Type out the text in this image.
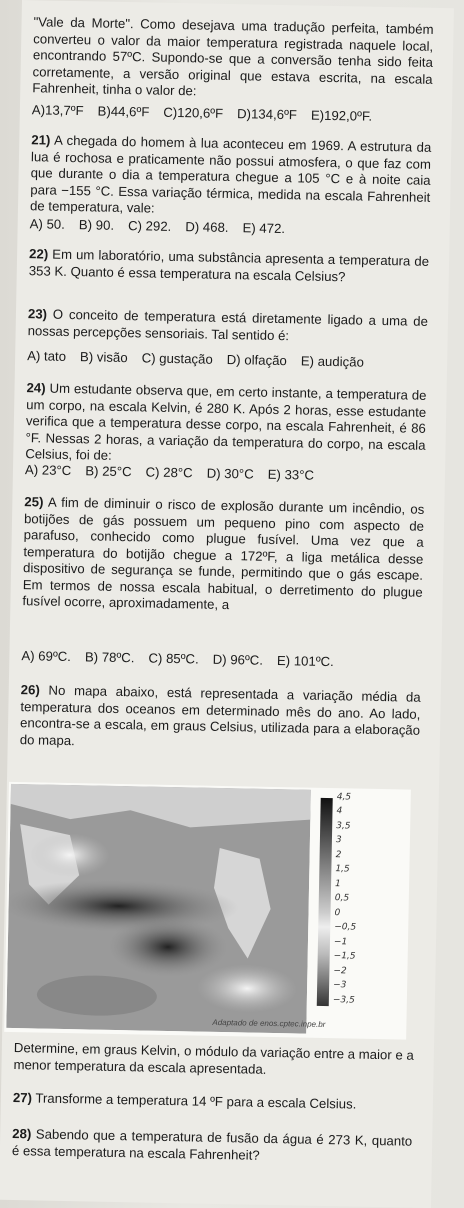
"Vale da Morte". Como desejava uma tradução perfeita, também converteu o valor da maior temperatura registrada naquele local, encontrando 57ºC. Supondo-se que a conversão tenha sido feita corretamente, a versão original que estava escrita, na escala Fahrenheit, tinha o valor de:

A)13,7ºF B)44,6ºF C)120,6ºF D)134,6ºF E)192,0ºF.

21) A chegada do homem à lua aconteceu em 1969. A estrutura da lua é rochosa e praticamente não possui atmosfera, o que faz com que durante o dia a temperatura chegue a 105 °C e à noite caia para −155 °C. Essa variação térmica, medida na escala Fahrenheit de temperatura, vale:

A) 50. B) 90. C) 292. D) 468. E) 472.

22) Em um laboratório, uma substância apresenta a temperatura de 353 K. Quanto é essa temperatura na escala Celsius?

23) O conceito de temperatura está diretamente ligado a uma de nossas percepções sensoriais. Tal sentido é:

A) tato B) visão C) gustação D) olfação E) audição

24) Um estudante observa que, em certo instante, a temperatura de um corpo, na escala Kelvin, é 280 K. Após 2 horas, esse estudante verifica que a temperatura desse corpo, na escala Fahrenheit, é 86 °F. Nessas 2 horas, a variação da temperatura do corpo, na escala Celsius, foi de:

A) 23°C B) 25°C C) 28°C D) 30°C E) 33°C

25) A fim de diminuir o risco de explosão durante um incêndio, os botijões de gás possuem um pequeno pino com aspecto de parafuso, conhecido como plugue fusível. Uma vez que a temperatura do botijão chegue a 172ºF, a liga metálica desse dispositivo de segurança se funde, permitindo que o gás escape. Em termos de nossa escala habitual, o derretimento do plugue fusível ocorre, aproximadamente, a

A) 69ºC. B) 78ºC. C) 85ºC. D) 96ºC. E) 101ºC.

26) No mapa abaixo, está representada a variação média da temperatura dos oceanos em determinado mês do ano. Ao lado, encontra-se a escala, em graus Celsius, utilizada para a elaboração do mapa.

4,5
4
3,5
3
2
1,5
1
0,5
0
−0,5
−1
−1,5
−2
−3
−3,5
Adaptado de enos.cptec.inpe.br

Determine, em graus Kelvin, o módulo da variação entre a maior e a menor temperatura da escala apresentada.

27) Transforme a temperatura 14 ºF para a escala Celsius.

28) Sabendo que a temperatura de fusão da água é 273 K, quanto é essa temperatura na escala Fahrenheit?
